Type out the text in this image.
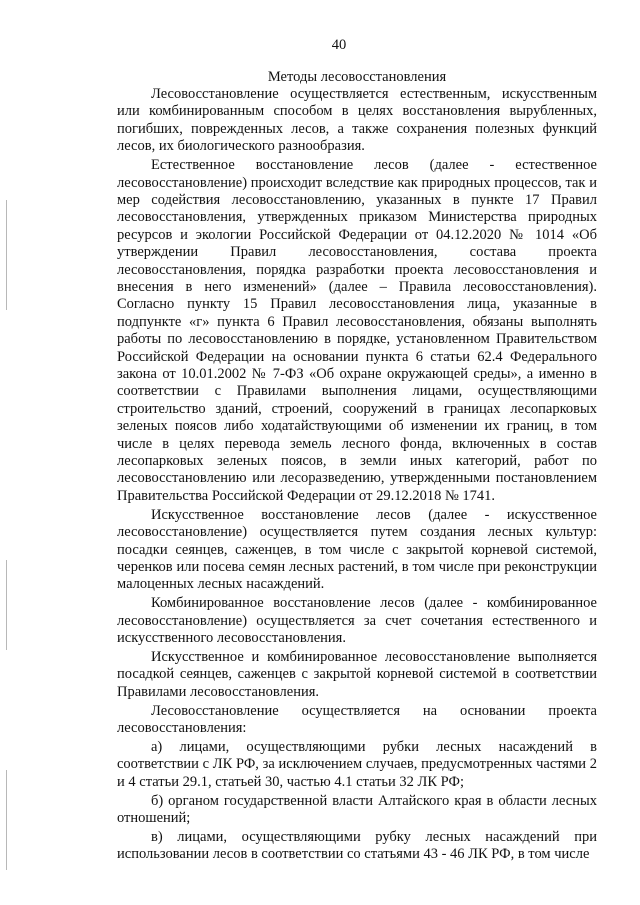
40
Методы лесовосстановления

Лесовосстановление осуществляется естественным, искусственным или комбинированным способом в целях восстановления вырубленных, погибших, поврежденных лесов, а также сохранения полезных функций лесов, их биологического разнообразия.

Естественное восстановление лесов (далее - естественное лесовосстановление) происходит вследствие как природных процессов, так и мер содействия лесовосстановлению, указанных в пункте 17 Правил лесовосстановления, утвержденных приказом Министерства природных ресурсов и экологии Российской Федерации от 04.12.2020 № 1014 «Об утверждении Правил лесовосстановления, состава проекта лесовосстановления, порядка разработки проекта лесовосстановления и внесения в него изменений» (далее – Правила лесовосстановления). Согласно пункту 15 Правил лесовосстановления лица, указанные в подпункте «г» пункта 6 Правил лесовосстановления, обязаны выполнять работы по лесовосстановлению в порядке, установленном Правительством Российской Федерации на основании пункта 6 статьи 62.4 Федерального закона от 10.01.2002 № 7-ФЗ «Об охране окружающей среды», а именно в соответствии с Правилами выполнения лицами, осуществляющими строительство зданий, строений, сооружений в границах лесопарковых зеленых поясов либо ходатайствующими об изменении их границ, в том числе в целях перевода земель лесного фонда, включенных в состав лесопарковых зеленых поясов, в земли иных категорий, работ по лесовосстановлению или лесоразведению, утвержденными постановлением Правительства Российской Федерации от 29.12.2018 № 1741.

Искусственное восстановление лесов (далее - искусственное лесовосстановление) осуществляется путем создания лесных культур: посадки сеянцев, саженцев, в том числе с закрытой корневой системой, черенков или посева семян лесных растений, в том числе при реконструкции малоценных лесных насаждений.

Комбинированное восстановление лесов (далее - комбинированное лесовосстановление) осуществляется за счет сочетания естественного и искусственного лесовосстановления.

Искусственное и комбинированное лесовосстановление выполняется посадкой сеянцев, саженцев с закрытой корневой системой в соответствии Правилами лесовосстановления.

Лесовосстановление осуществляется на основании проекта лесовосстановления:

а) лицами, осуществляющими рубки лесных насаждений в соответствии с ЛК РФ, за исключением случаев, предусмотренных частями 2 и 4 статьи 29.1, статьей 30, частью 4.1 статьи 32 ЛК РФ;

б) органом государственной власти Алтайского края в области лесных отношений;

в) лицами, осуществляющими рубку лесных насаждений при использовании лесов в соответствии со статьями 43 - 46 ЛК РФ, в том числе
